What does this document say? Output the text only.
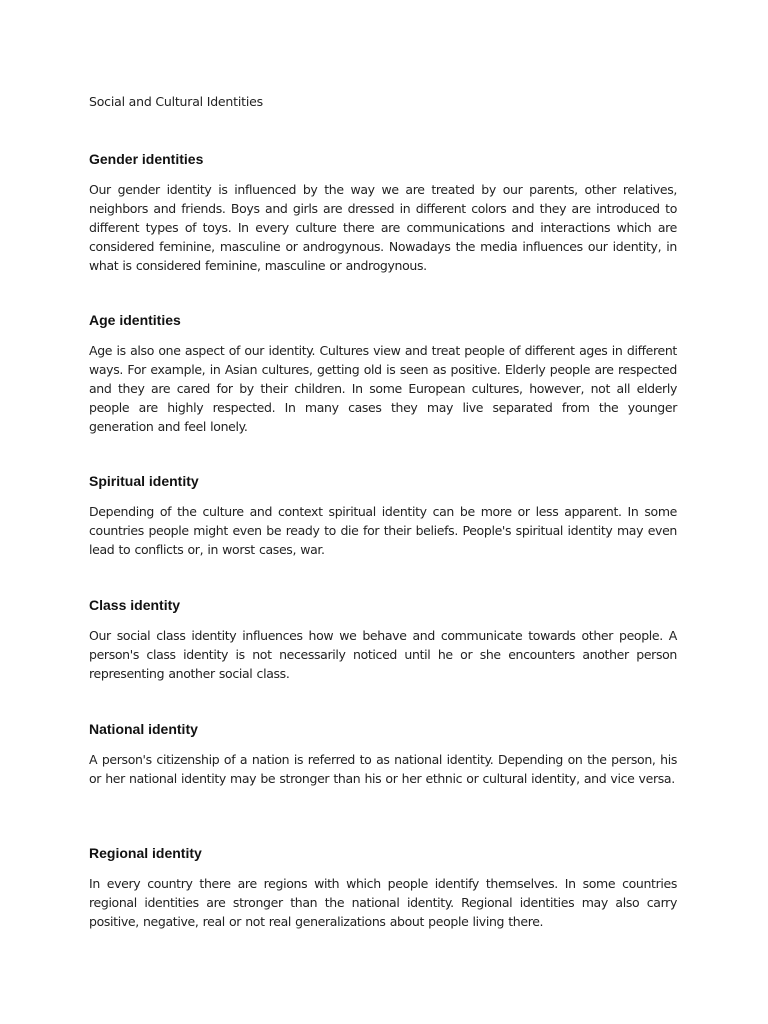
Social and Cultural Identities

Gender identities

Our gender identity is influenced by the way we are treated by our parents, other relatives, neighbors and friends. Boys and girls are dressed in different colors and they are introduced to different types of toys. In every culture there are communications and interactions which are considered feminine, masculine or androgynous. Nowadays the media influences our identity, in what is considered feminine, masculine or androgynous.

Age identities

Age is also one aspect of our identity. Cultures view and treat people of different ages in different ways. For example, in Asian cultures, getting old is seen as positive. Elderly people are respected and they are cared for by their children. In some European cultures, however, not all elderly people are highly respected. In many cases they may live separated from the younger generation and feel lonely.

Spiritual identity

Depending of the culture and context spiritual identity can be more or less apparent. In some countries people might even be ready to die for their beliefs. People's spiritual identity may even lead to conflicts or, in worst cases, war.

Class identity

Our social class identity influences how we behave and communicate towards other people. A person's class identity is not necessarily noticed until he or she encounters another person representing another social class.

National identity

A person's citizenship of a nation is referred to as national identity. Depending on the person, his or her national identity may be stronger than his or her ethnic or cultural identity, and vice versa.

Regional identity

In every country there are regions with which people identify themselves. In some countries regional identities are stronger than the national identity. Regional identities may also carry positive, negative, real or not real generalizations about people living there.
